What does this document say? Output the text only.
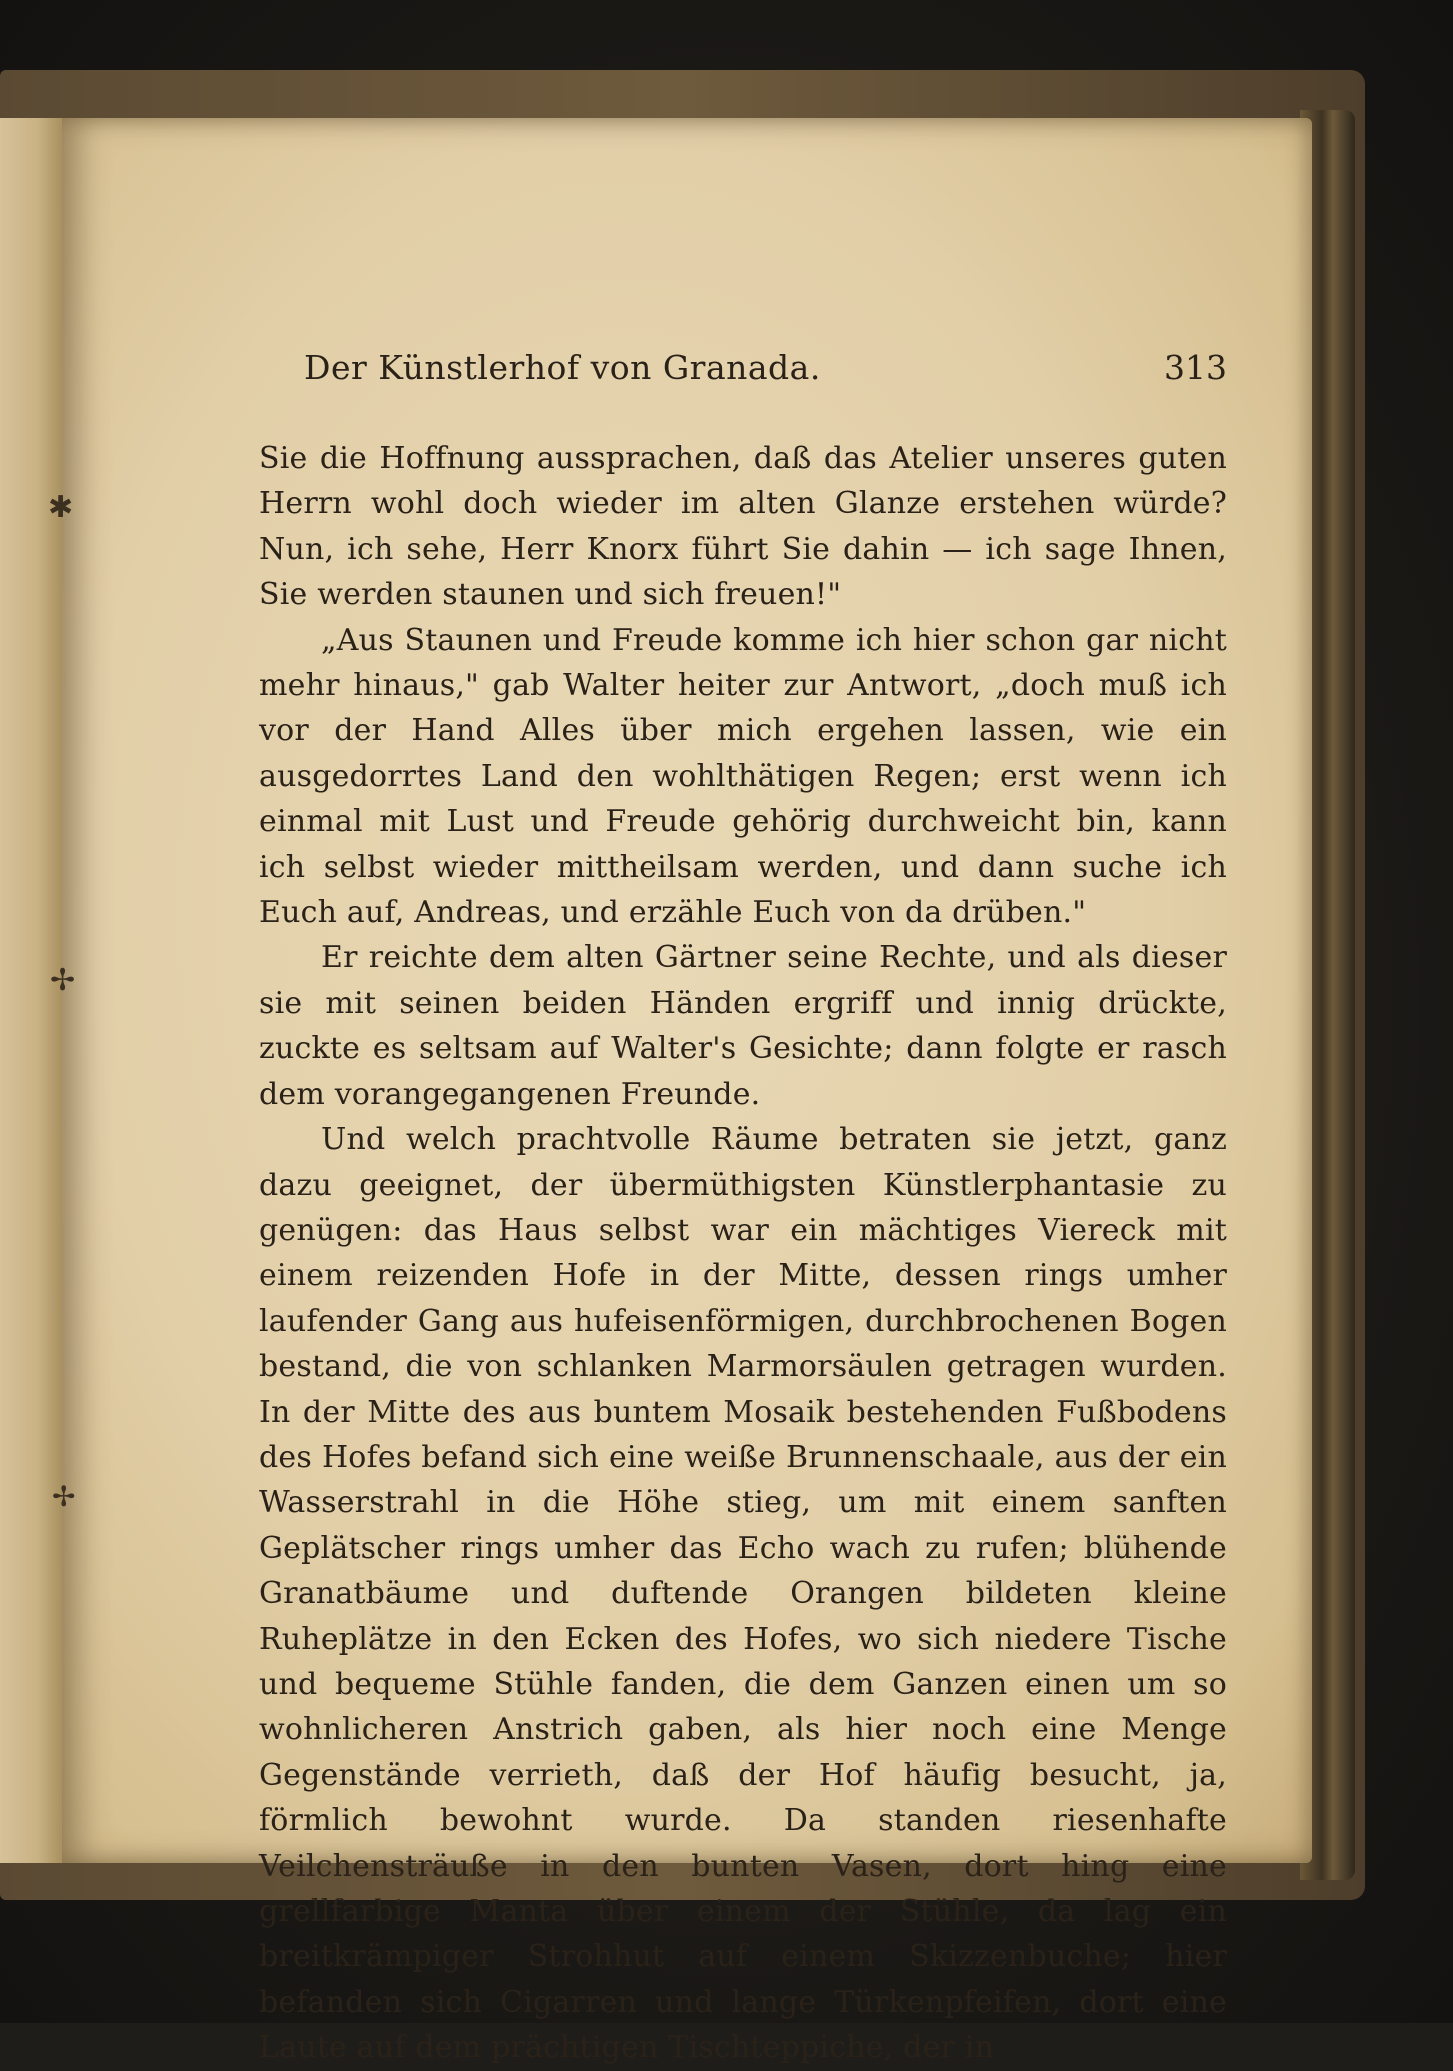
✱
✢
✢
Der Künstlerhof von Granada.	313

Sie die Hoffnung aussprachen, daß das Atelier unseres guten Herrn wohl doch wieder im alten Glanze erstehen würde? Nun, ich sehe, Herr Knorx führt Sie dahin — ich sage Ihnen, Sie werden staunen und sich freuen!"

„Aus Staunen und Freude komme ich hier schon gar nicht mehr hinaus," gab Walter heiter zur Antwort, „doch muß ich vor der Hand Alles über mich ergehen lassen, wie ein ausgedorrtes Land den wohlthätigen Regen; erst wenn ich einmal mit Lust und Freude gehörig durchweicht bin, kann ich selbst wieder mittheilsam werden, und dann suche ich Euch auf, Andreas, und erzähle Euch von da drüben."

Er reichte dem alten Gärtner seine Rechte, und als dieser sie mit seinen beiden Händen ergriff und innig drückte, zuckte es seltsam auf Walter's Gesichte; dann folgte er rasch dem vorangegangenen Freunde.

Und welch prachtvolle Räume betraten sie jetzt, ganz dazu geeignet, der übermüthigsten Künstlerphantasie zu genügen: das Haus selbst war ein mächtiges Viereck mit einem reizenden Hofe in der Mitte, dessen rings umher laufender Gang aus hufeisenförmigen, durchbrochenen Bogen bestand, die von schlanken Marmorsäulen getragen wurden. In der Mitte des aus buntem Mosaik bestehenden Fußbodens des Hofes befand sich eine weiße Brunnenschaale, aus der ein Wasserstrahl in die Höhe stieg, um mit einem sanften Geplätscher rings umher das Echo wach zu rufen; blühende Granatbäume und duftende Orangen bildeten kleine Ruheplätze in den Ecken des Hofes, wo sich niedere Tische und bequeme Stühle fanden, die dem Ganzen einen um so wohnlicheren Anstrich gaben, als hier noch eine Menge Gegenstände verrieth, daß der Hof häufig besucht, ja, förmlich bewohnt wurde. Da standen riesenhafte Veilchensträuße in den bunten Vasen, dort hing eine grellfarbige Manta über einem der Stühle, da lag ein breitkrämpiger Strohhut auf einem Skizzenbuche; hier befanden sich Cigarren und lange Türkenpfeifen, dort eine Laute auf dem prächtigen Tischteppiche, der in
